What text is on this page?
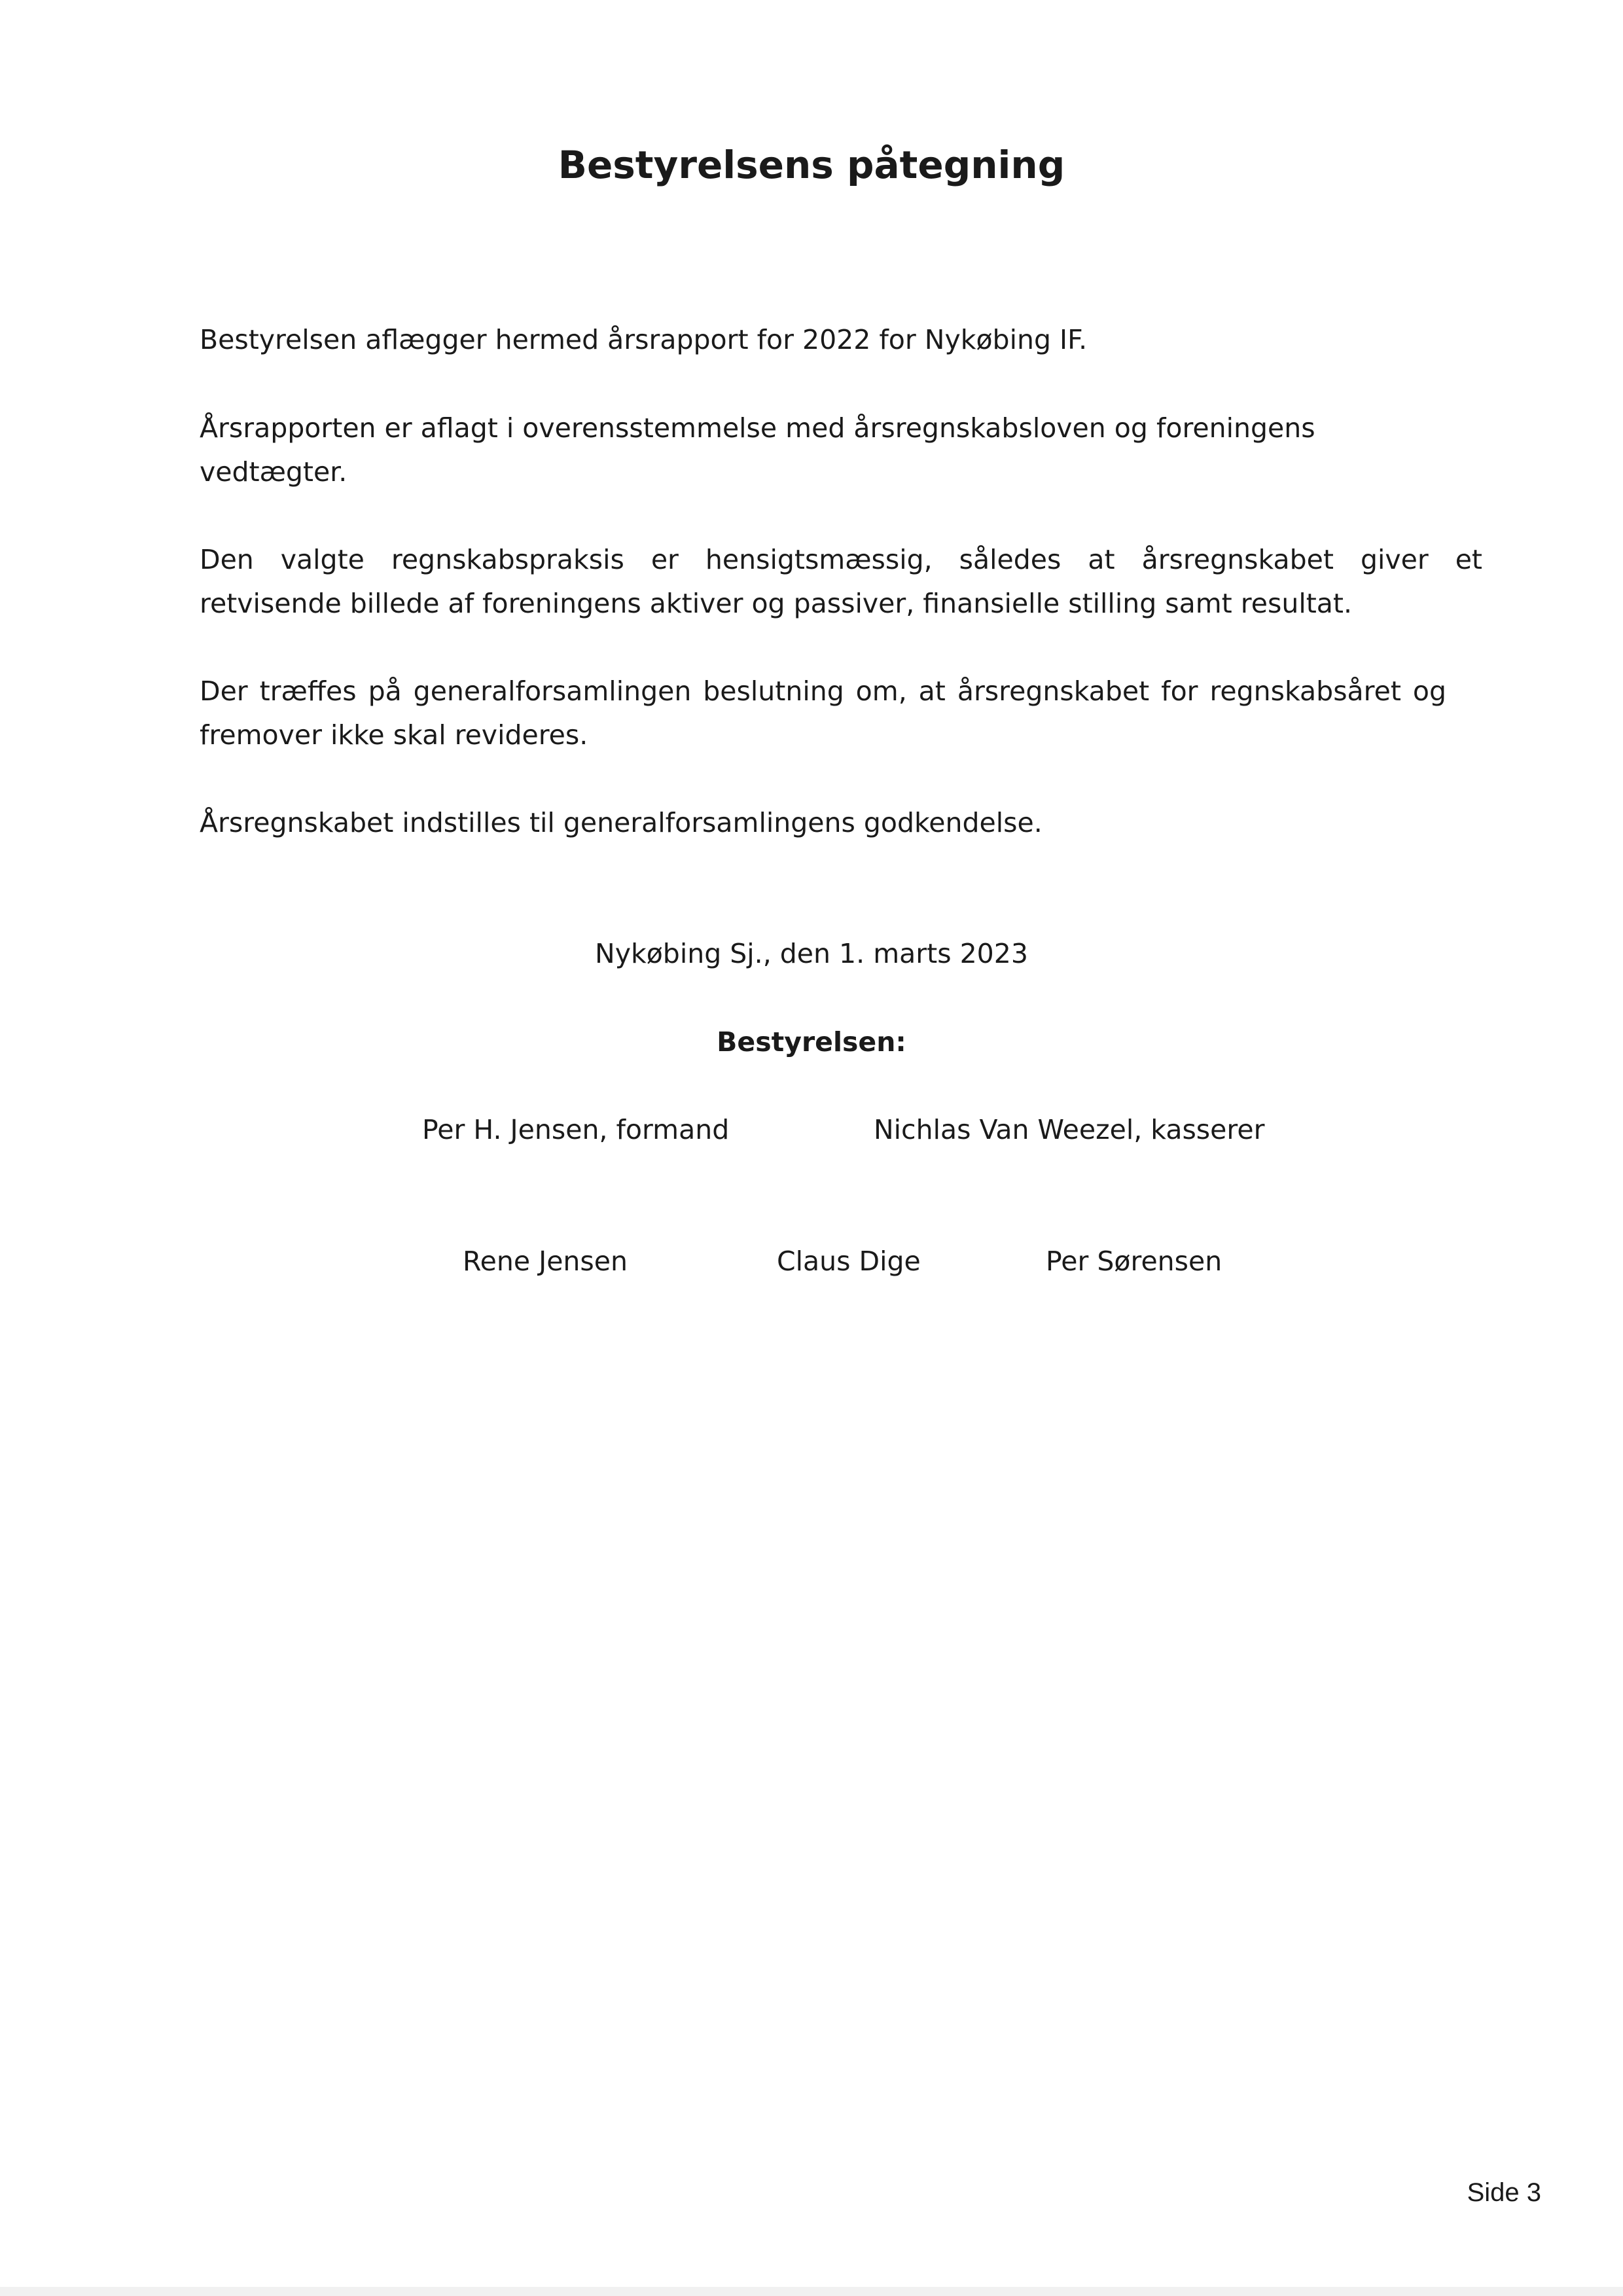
Bestyrelsens påtegning
Bestyrelsen aflægger hermed årsrapport for 2022 for Nykøbing IF.
Årsrapporten er aflagt i overensstemmelse med årsregnskabsloven og foreningens
vedtægter.
Den valgte regnskabspraksis er hensigtsmæssig, således at årsregnskabet giver et
retvisende billede af foreningens aktiver og passiver, finansielle stilling samt resultat.
Der træffes på generalforsamlingen beslutning om, at årsregnskabet for regnskabsåret og
fremover ikke skal revideres.
Årsregnskabet indstilles til generalforsamlingens godkendelse.
Nykøbing Sj., den 1. marts 2023
Bestyrelsen:
Per H. Jensen, formand	Nichlas Van Weezel, kasserer
Rene Jensen	Claus Dige	Per Sørensen
Side 3
